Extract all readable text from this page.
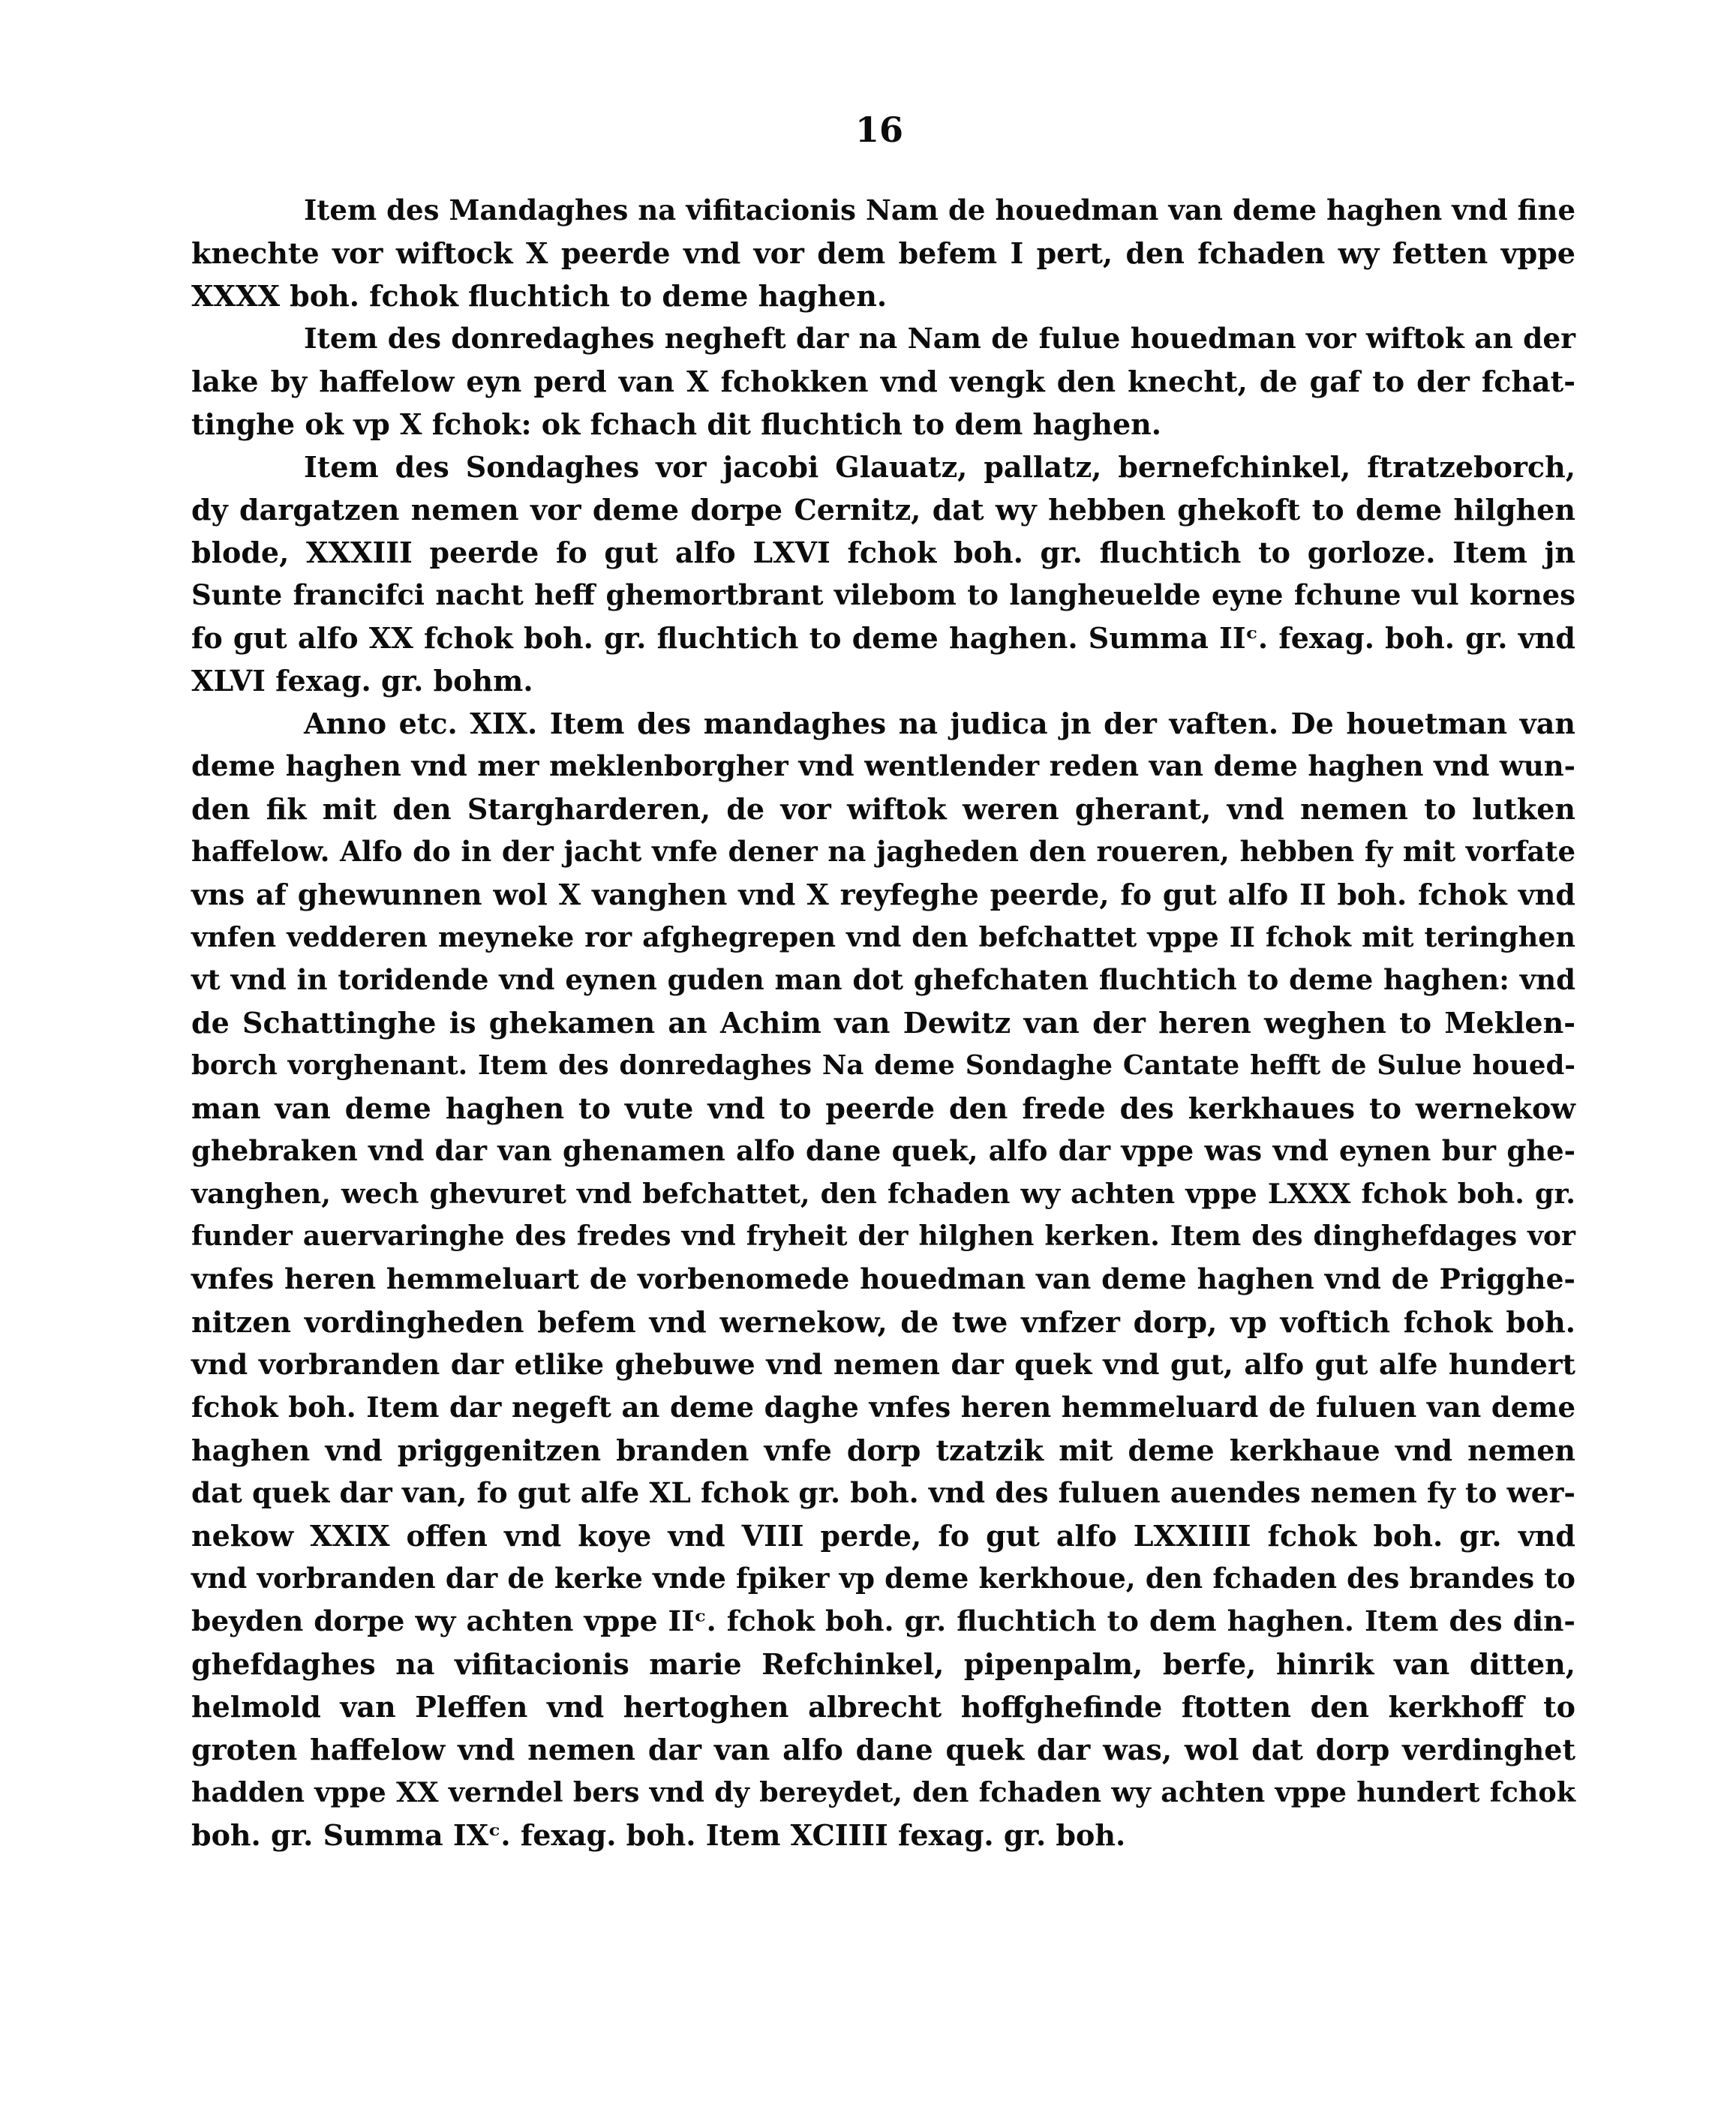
16
Item des Mandaghes na vifitacionis Nam de houedman van deme haghen vnd fine
knechte vor wiftock X peerde vnd vor dem befem I pert, den fchaden wy fetten vppe
XXXX boh. fchok fluchtich to deme haghen.
Item des donredaghes negheft dar na Nam de fulue houedman vor wiftok an der
lake by haffelow eyn perd van X fchokken vnd vengk den knecht, de gaf to der fchat-
tinghe ok vp X fchok: ok fchach dit fluchtich to dem haghen.
Item des Sondaghes vor jacobi Glauatz, pallatz, bernefchinkel, ftratzeborch,
dy dargatzen nemen vor deme dorpe Cernitz, dat wy hebben ghekoft to deme hilghen
blode, XXXIII peerde fo gut alfo LXVI fchok boh. gr. fluchtich to gorloze. Item jn
Sunte francifci nacht heff ghemortbrant vilebom to langheuelde eyne fchune vul kornes
fo gut alfo XX fchok boh. gr. fluchtich to deme haghen. Summa IIᶜ. fexag. boh. gr. vnd
XLVI fexag. gr. bohm.
Anno etc. XIX. Item des mandaghes na judica jn der vaften. De houetman van
deme haghen vnd mer meklenborgher vnd wentlender reden van deme haghen vnd wun-
den fik mit den Stargharderen, de vor wiftok weren gherant, vnd nemen to lutken
haffelow. Alfo do in der jacht vnfe dener na jagheden den roueren, hebben fy mit vorfate
vns af ghewunnen wol X vanghen vnd X reyfeghe peerde, fo gut alfo II boh. fchok vnd
vnfen vedderen meyneke ror afghegrepen vnd den befchattet vppe II fchok mit teringhen
vt vnd in toridende vnd eynen guden man dot ghefchaten fluchtich to deme haghen: vnd
de Schattinghe is ghekamen an Achim van Dewitz van der heren weghen to Meklen-
borch vorghenant. Item des donredaghes Na deme Sondaghe Cantate hefft de Sulue houed-
man van deme haghen to vute vnd to peerde den frede des kerkhaues to wernekow
ghebraken vnd dar van ghenamen alfo dane quek, alfo dar vppe was vnd eynen bur ghe-
vanghen, wech ghevuret vnd befchattet, den fchaden wy achten vppe LXXX fchok boh. gr.
funder auervaringhe des fredes vnd fryheit der hilghen kerken. Item des dinghefdages vor
vnfes heren hemmeluart de vorbenomede houedman van deme haghen vnd de Prigghe-
nitzen vordingheden befem vnd wernekow, de twe vnfzer dorp, vp voftich fchok boh.
vnd vorbranden dar etlike ghebuwe vnd nemen dar quek vnd gut, alfo gut alfe hundert
fchok boh. Item dar negeft an deme daghe vnfes heren hemmeluard de fuluen van deme
haghen vnd priggenitzen branden vnfe dorp tzatzik mit deme kerkhaue vnd nemen
dat quek dar van, fo gut alfe XL fchok gr. boh. vnd des fuluen auendes nemen fy to wer-
nekow XXIX offen vnd koye vnd VIII perde, fo gut alfo LXXIIII fchok boh. gr. vnd
vnd vorbranden dar de kerke vnde fpiker vp deme kerkhoue, den fchaden des brandes to
beyden dorpe wy achten vppe IIᶜ. fchok boh. gr. fluchtich to dem haghen. Item des din-
ghefdaghes na vifitacionis marie Refchinkel, pipenpalm, berfe, hinrik van ditten,
helmold van Pleffen vnd hertoghen albrecht hoffghefinde ftotten den kerkhoff to
groten haffelow vnd nemen dar van alfo dane quek dar was, wol dat dorp verdinghet
hadden vppe XX verndel bers vnd dy bereydet, den fchaden wy achten vppe hundert fchok
boh. gr. Summa IXᶜ. fexag. boh. Item XCIIII fexag. gr. boh.
